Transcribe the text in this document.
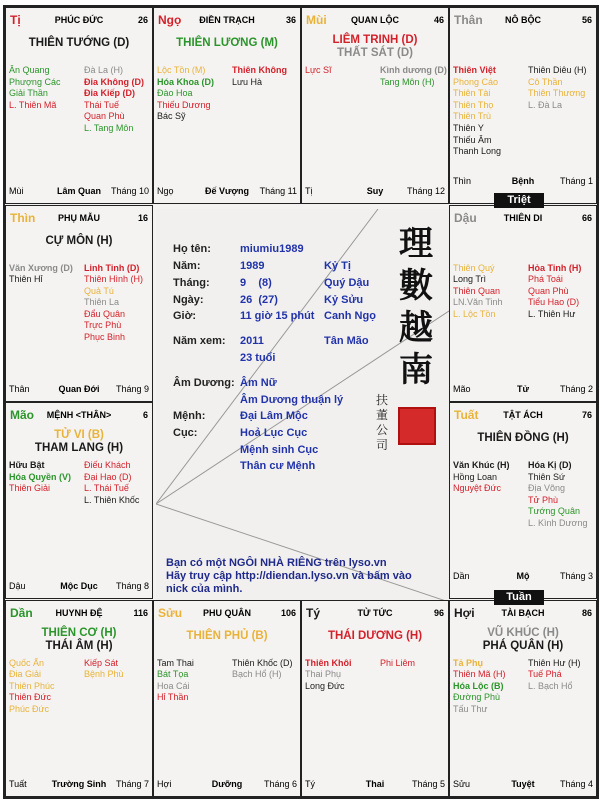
Họ tên:	miumiu1989
Năm:	1989	Kỷ Tị
Tháng:	9    (8)	Quý Dậu
Ngày:	26  (27)	Kỷ Sửu
Giờ:	11 giờ 15 phút Canh Ngọ
Năm xem: 2011	Tân Mão
23 tuổi
Âm Dương: Âm Nữ
Âm Dương thuận lý
Mệnh:	Đại Lâm Mộc
Cục:	Hoả Lục Cục
Mệnh sinh Cục
Thân cư Mệnh
理數越南
扶董公司
Bạn có một NGÔI NHÀ RIÊNG trên lyso.vn
Hãy truy cập http://diendan.lyso.vn và bấm vào
nick của mình.
Tị	PHÚC ĐỨC	26
THIÊN TƯỚNG (D)
Ân Quang
Phượng Các
Giải Thần
L. Thiên Mã
Đà La (H)
Đia Không (D)
Đia Kiếp (D)
Thái Tuế
Quan Phù
L. Tang Môn
Mùi	Lâm Quan	Tháng 10
Ngọ	ĐIỀN TRẠCH	36
THIÊN LƯƠNG (M)
Lộc Tồn (M)
Hóa Khoa (D)
Đào Hoa
Thiếu Dương
Bác Sỹ
Thiên Không
Lưu Hà
Ngọ	Đế Vượng	Tháng 11
Mùi	QUAN LỘC	46
LIÊM TRINH (D)
THẤT SÁT (D)
Lực Sĩ	Kình dương (D)
Tang Môn (H)
Tị	Suy	Tháng 12
Thân	NÔ BỘC	56
Thiên Việt
Phong Cáo
Thiên Tài
Thiên Thọ
Thiên Trù
Thiên Y
Thiếu Âm
Thanh Long
Thiên Diêu (H)
Cô Thần
Thiên Thương
L. Đà La
Thìn	Bệnh	Tháng 1
Thìn	PHỤ MẪU	16
CỰ MÔN (H)
Văn Xương (D)
Thiên Hỉ
Linh Tinh (D)
Thiên Hình (H)
Quả Tú
Thiên La
Đẩu Quân
Trực Phù
Phục Binh
Thân	Quan Đới	Tháng 9
Dậu	THIÊN DI	66
Thiên Quý
Long Trì
Thiên Quan
LN.Văn Tinh
L. Lộc Tồn
Hỏa Tinh (H)
Phá Toái
Quan Phù
Tiểu Hao (D)
L. Thiên Hư
Mão	Tử	Tháng 2
Mão	MỆNH <THÂN>	6
TỬ VI (B)
THAM LANG (H)
Hữu Bật
Hóa Quyền (V)
Thiên Giải
Điếu Khách
Đại Hao (D)
L. Thái Tuế
L. Thiên Khốc
Dậu	Mộc Dục	Tháng 8
Tuất	TẬT ÁCH	76
THIÊN ĐỒNG (H)
Văn Khúc (H)
Hồng Loan
Nguyệt Đức
Hóa Kị (D)
Thiên Sứ
Địa Võng
Tử Phù
Tướng Quân
L. Kình Dương
Dần	Mộ	Tháng 3
Dần	HUYNH ĐỆ	116
THIÊN CƠ (H)
THÁI ÂM (H)
Quốc Ấn
Đia Giải
Thiên Phúc
Thiên Đức
Phúc Đức
Kiếp Sát
Bệnh Phù
Tuất	Trường Sinh	Tháng 7
Sửu	PHU QUÂN	106
THIÊN PHỦ (B)
Tam Thai
Bát Tọa
Hoa Cái
Hỉ Thần
Thiên Khốc (D)
Bạch Hổ (H)
Hợi	Dưỡng	Tháng 6
Tý	TỬ TỨC	96
THÁI DƯƠNG (H)
Thiên Khôi
Thai Phụ
Long Đức
Phi Liêm
Tý	Thai	Tháng 5
Hợi	TÀI BẠCH	86
VŨ KHÚC (H)
PHÁ QUÂN (H)
Tả Phụ
Thiên Mã (H)
Hóa Lộc (B)
Đường Phù
Tấu Thư
Thiên Hư (H)
Tuế Phá
L. Bạch Hổ
Sửu	Tuyệt	Tháng 4
Triệt
Tuần
